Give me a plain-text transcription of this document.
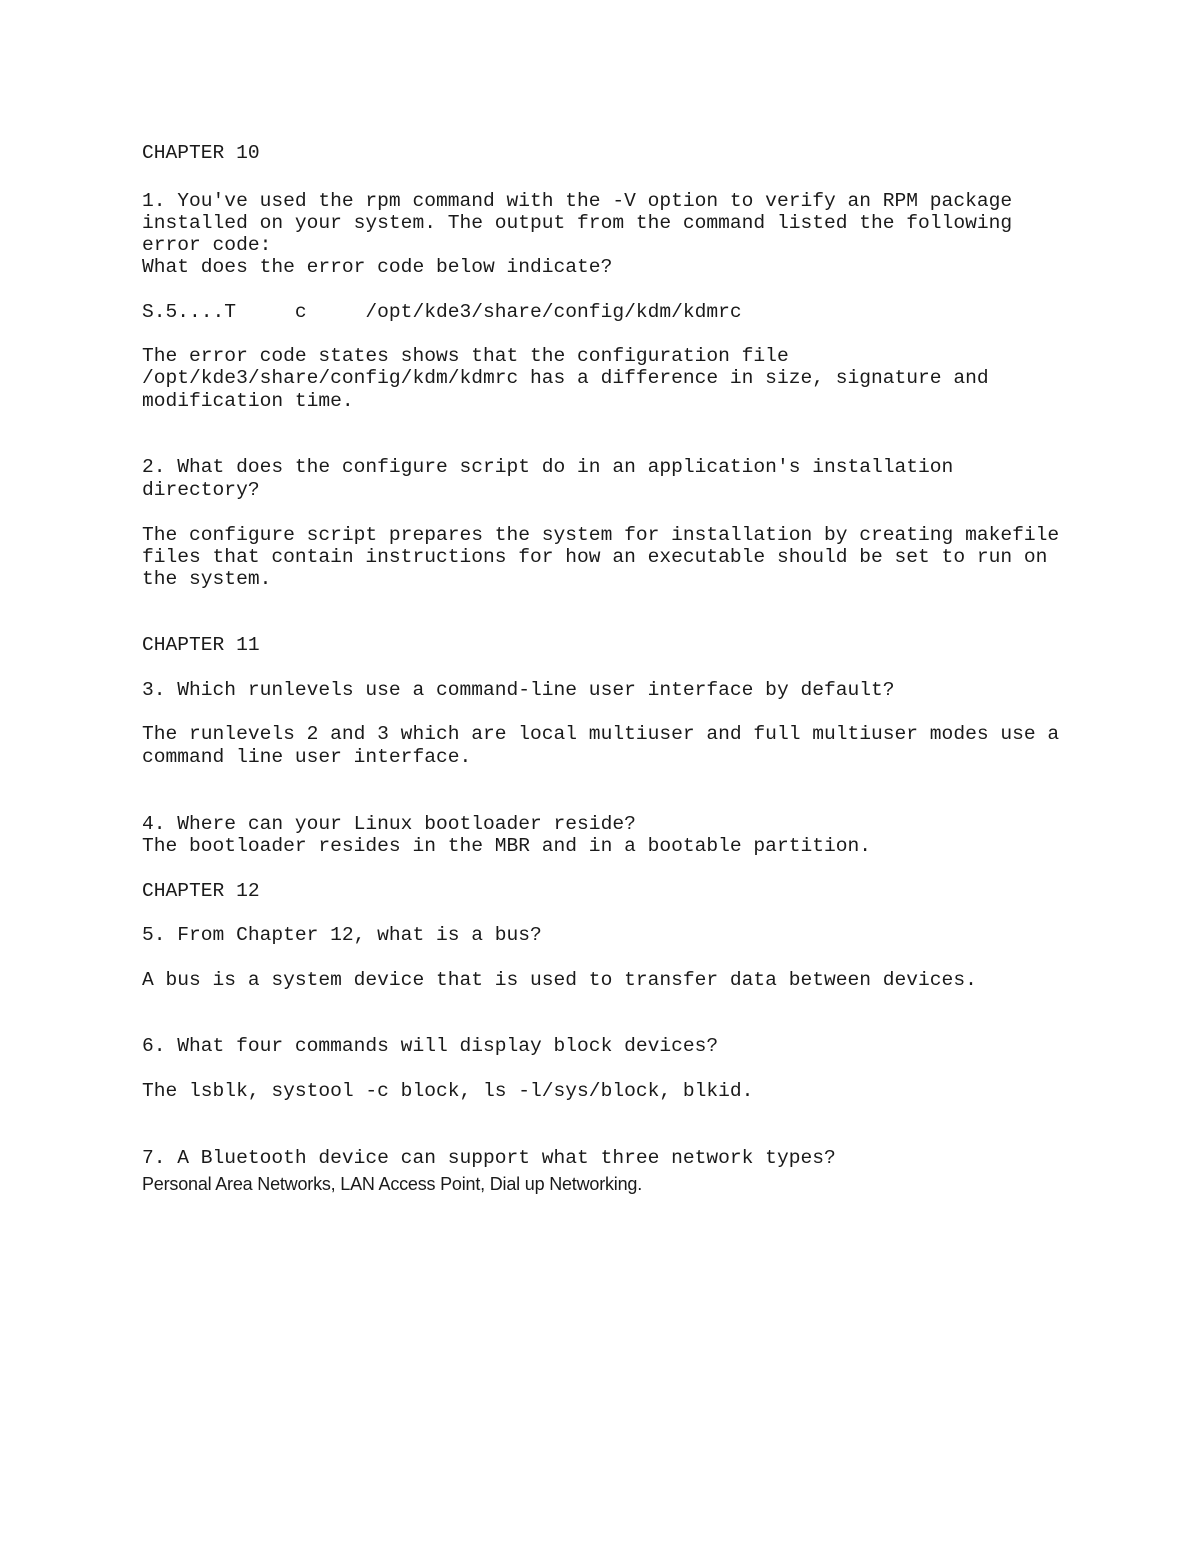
CHAPTER 10
1. You've used the rpm command with the -V option to verify an RPM package
installed on your system. The output from the command listed the following
error code:
What does the error code below indicate?
S.5....T     c     /opt/kde3/share/config/kdm/kdmrc
The error code states shows that the configuration file
/opt/kde3/share/config/kdm/kdmrc has a difference in size, signature and
modification time.
2. What does the configure script do in an application's installation
directory?
The configure script prepares the system for installation by creating makefile
files that contain instructions for how an executable should be set to run on
the system.
CHAPTER 11
3. Which runlevels use a command-line user interface by default?
The runlevels 2 and 3 which are local multiuser and full multiuser modes use a
command line user interface.
4. Where can your Linux bootloader reside?
The bootloader resides in the MBR and in a bootable partition.
CHAPTER 12
5. From Chapter 12, what is a bus?
A bus is a system device that is used to transfer data between devices.
6. What four commands will display block devices?
The lsblk, systool -c block, ls -l/sys/block, blkid.
7. A Bluetooth device can support what three network types?
Personal Area Networks, LAN Access Point, Dial up Networking.
